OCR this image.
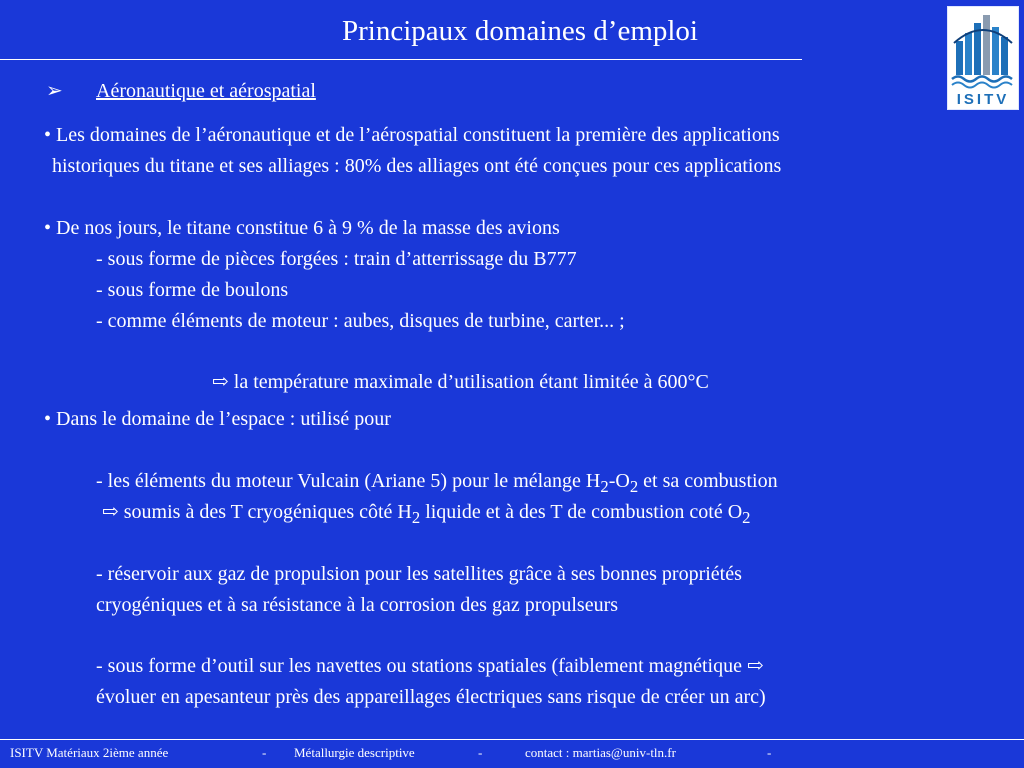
Principaux domaines d’emploi
ISITV
➢ Aéronautique et aérospatial
• Les domaines de l’aéronautique et de l’aérospatial constituent la première des applications
historiques du titane et ses alliages : 80% des alliages ont été conçues pour ces applications
• De nos jours, le titane constitue 6 à 9 % de la masse des avions
- sous forme de pièces forgées : train d’atterrissage du B777
- sous forme de boulons
- comme éléments de moteur : aubes, disques de turbine, carter... ;
⇨ la température maximale d’utilisation étant limitée à 600°C
• Dans le domaine de l’espace : utilisé pour
- les éléments du moteur Vulcain (Ariane 5) pour le mélange $H_2-O_2$ et sa combustion
⇨ soumis à des T cryogéniques côté $H_2$ liquide et à des T de combustion coté $O_2$
- réservoir aux gaz de propulsion pour les satellites grâce à ses bonnes propriétés
cryogéniques et à sa résistance à la corrosion des gaz propulseurs
- sous forme d’outil sur les navettes ou stations spatiales (faiblement magnétique ⇨
évoluer en apesanteur près des appareillages électriques sans risque de créer un arc)
ISITV Matériaux 2ième année	- Métallurgie descriptive	-	contact : martias@univ-tln.fr	-
